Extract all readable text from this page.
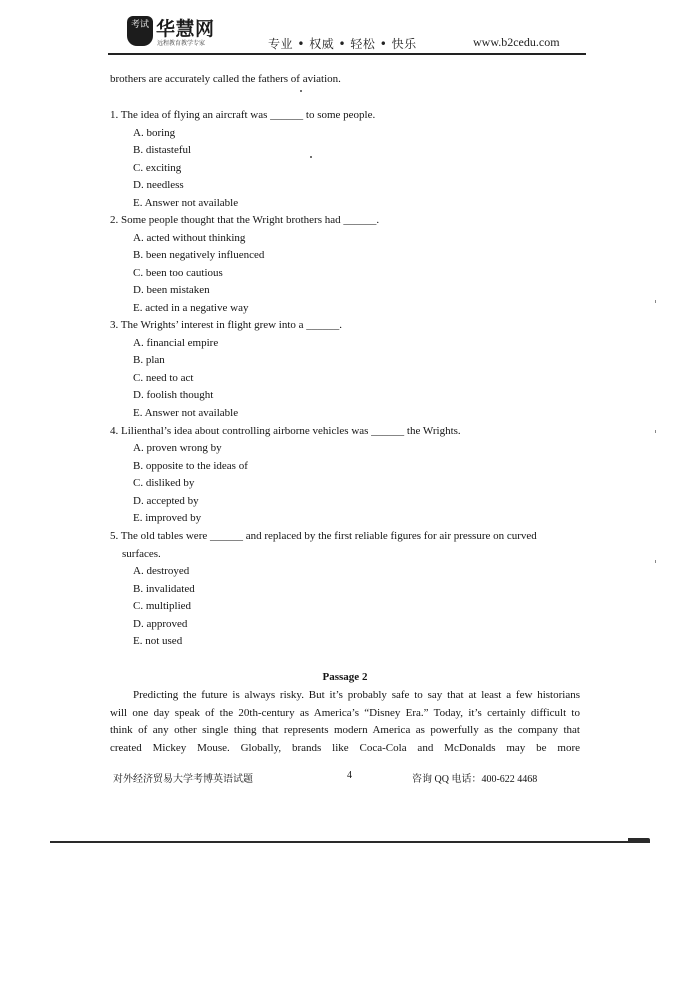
考试 华慧网
远程教育教学专家	专业 • 权威 • 轻松 • 快乐	www.b2cedu.com
brothers are accurately called the fathers of aviation.
1. The idea of flying an aircraft was ______ to some people.
A. boring
B. distasteful
C. exciting
D. needless
E. Answer not available
2. Some people thought that the Wright brothers had ______.
A. acted without thinking
B. been negatively influenced
C. been too cautious
D. been mistaken
E. acted in a negative way
3. The Wrights’ interest in flight grew into a ______.
A. financial empire
B. plan
C. need to act
D. foolish thought
E. Answer not available
4. Lilienthal’s idea about controlling airborne vehicles was ______ the Wrights.
A. proven wrong by
B. opposite to the ideas of
C. disliked by
D. accepted by
E. improved by
5. The old tables were ______ and replaced by the first reliable figures for air pressure on curved
surfaces.
A. destroyed
B. invalidated
C. multiplied
D. approved
E. not used
Passage 2
Predicting the future is always risky. But it’s probably safe to say that at least a few historians
will one day speak of the 20th-century as America’s “Disney Era.” Today, it’s certainly difficult to
think of any other single thing that represents modern America as powerfully as the company that
created Mickey Mouse. Globally, brands like Coca-Cola and McDonalds may be more
对外经济贸易大学考博英语试题	4	咨询 QQ 电话：400-622 4468
